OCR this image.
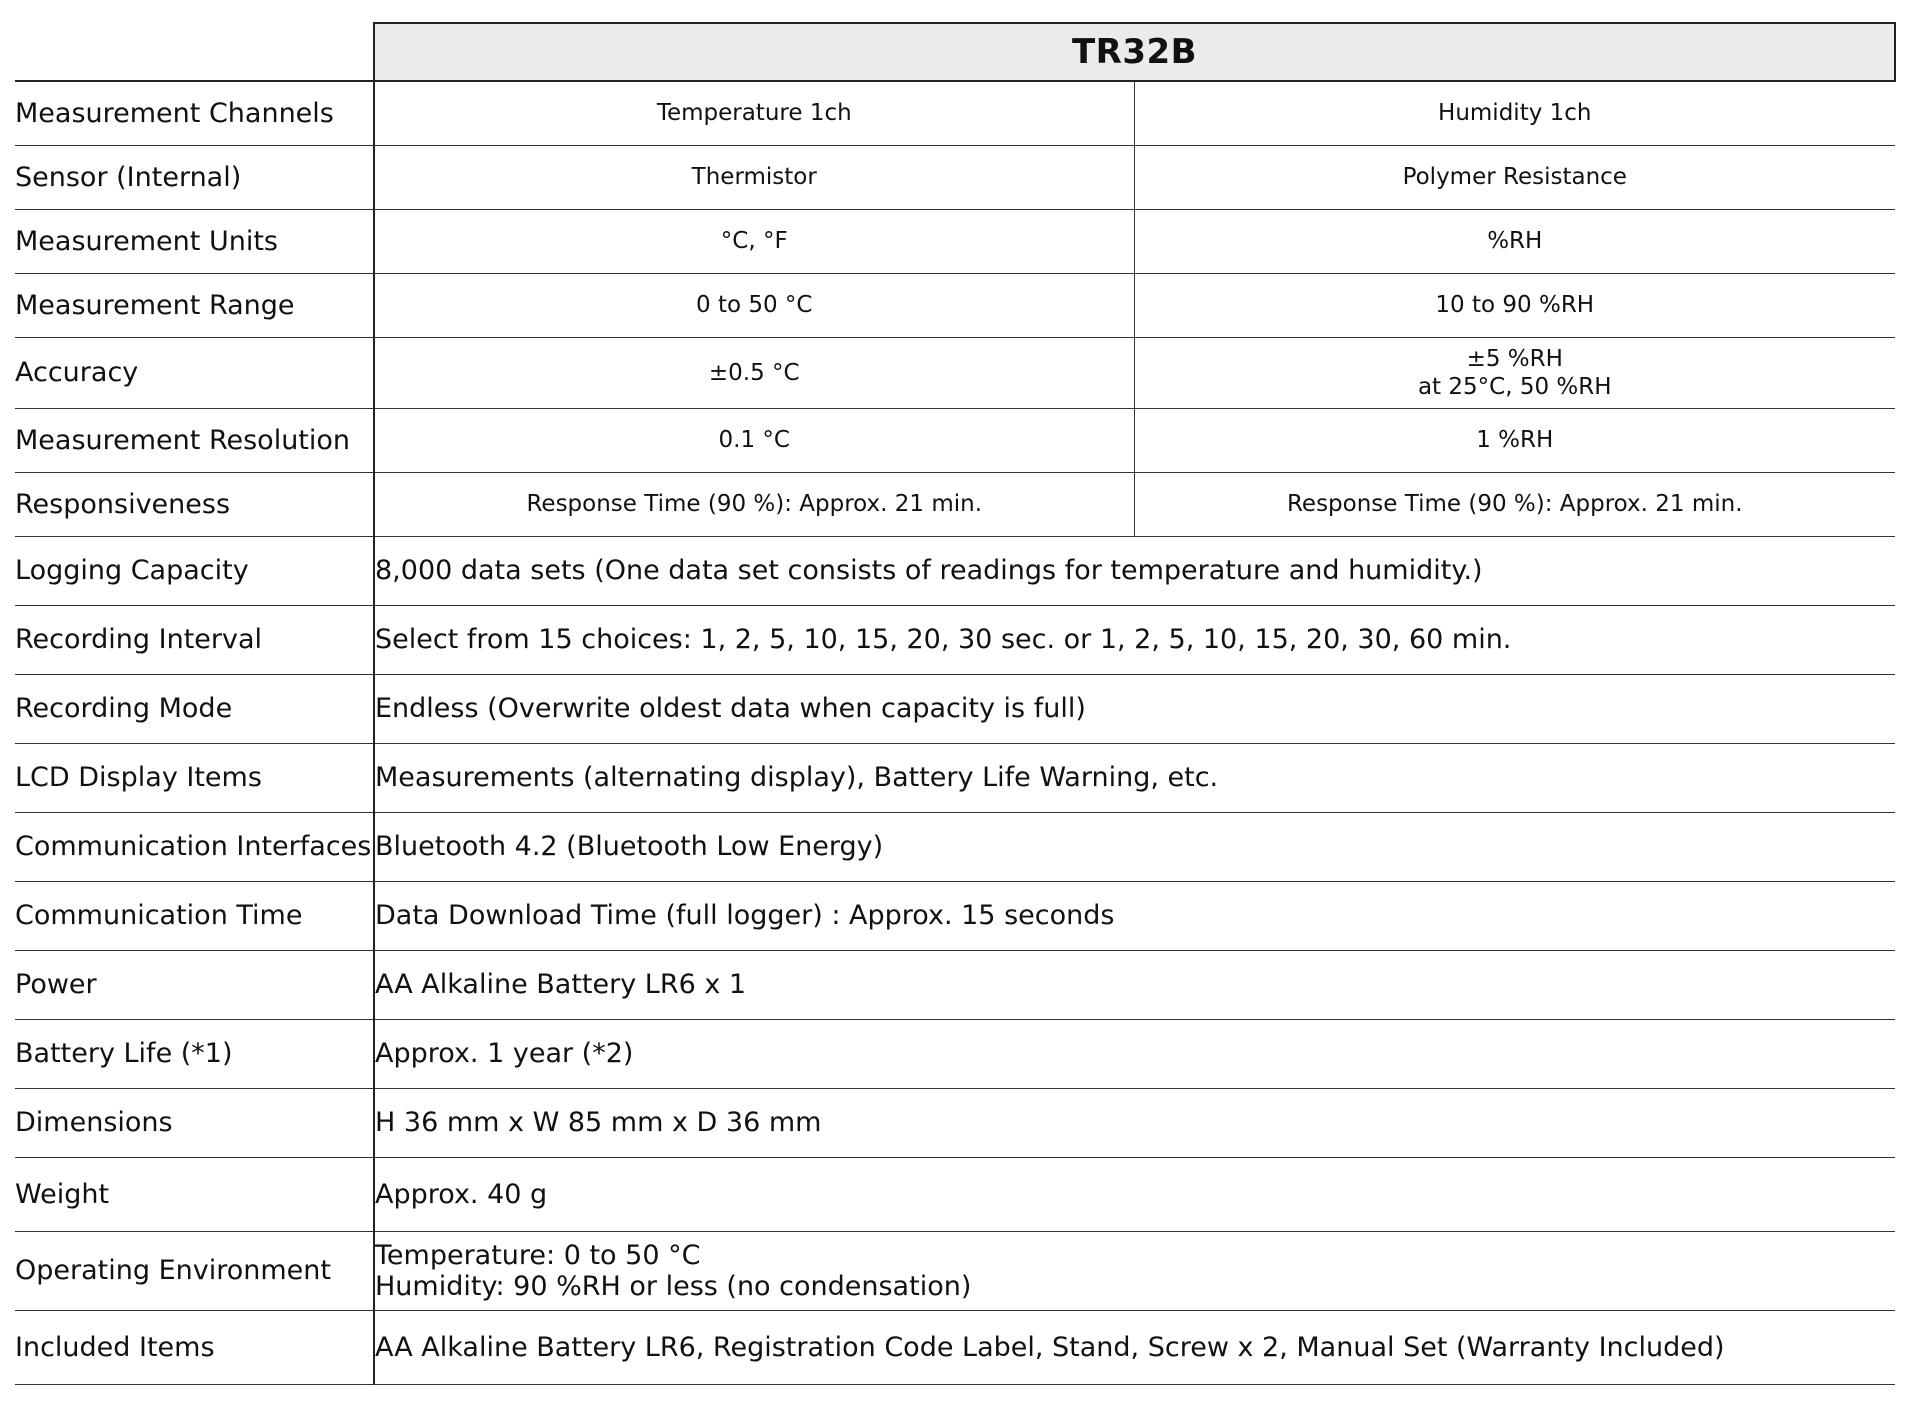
	TR32B	
Measurement Channels	Temperature 1ch	Humidity 1ch

Sensor (Internal)	Thermistor	Polymer Resistance

Measurement Units	°C, °F	%RH

Measurement Range	0 to 50 °C	10 to 90 %RH

Accuracy	±0.5 °C	±5 %RH
at 25°C, 50 %RH

Measurement Resolution	0.1 °C	1 %RH

Responsiveness	Response Time (90 %): Approx. 21 min.	Response Time (90 %): Approx. 21 min.

Logging Capacity	8,000 data sets (One data set consists of readings for temperature and humidity.)	

Recording Interval	Select from 15 choices: 1, 2, 5, 10, 15, 20, 30 sec. or 1, 2, 5, 10, 15, 20, 30, 60 min.	

Recording Mode	Endless (Overwrite oldest data when capacity is full)	

LCD Display Items	Measurements (alternating display), Battery Life Warning, etc.	

Communication Interfaces	Bluetooth 4.2 (Bluetooth Low Energy)	

Communication Time	Data Download Time (full logger) : Approx. 15 seconds	

Power	AA Alkaline Battery LR6 x 1	

Battery Life (*1)	Approx. 1 year (*2)	

Dimensions	H 36 mm x W 85 mm x D 36 mm	

Weight	Approx. 40 g	

Operating Environment	Temperature: 0 to 50 °C
Humidity: 90 %RH or less (no condensation)	

Included Items	AA Alkaline Battery LR6, Registration Code Label, Stand, Screw x 2, Manual Set (Warranty Included)	
